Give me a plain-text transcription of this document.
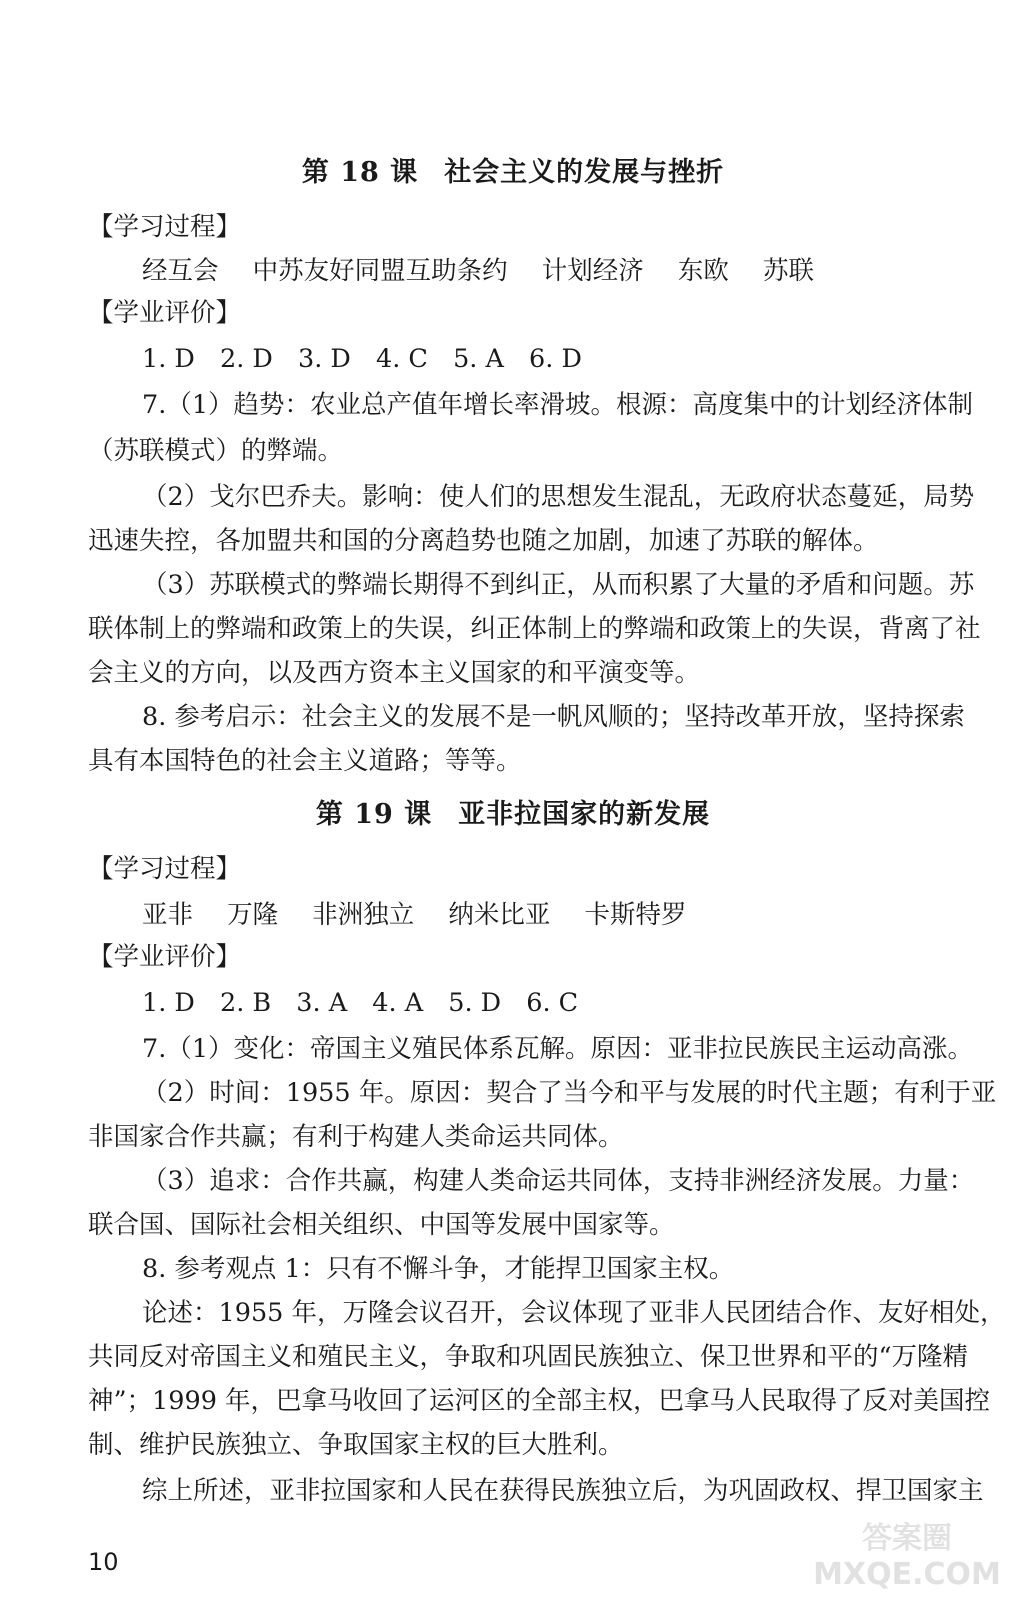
第 18 课 社会主义的发展与挫折
【学习过程】
经互会 中苏友好同盟互助条约 计划经济 东欧 苏联
【学业评价】
1. D 2. D 3. D 4. C 5. A 6. D
7.（1）趋势：农业总产值年增长率滑坡。根源：高度集中的计划经济体制
（苏联模式）的弊端。
（2）戈尔巴乔夫。影响：使人们的思想发生混乱，无政府状态蔓延，局势
迅速失控，各加盟共和国的分离趋势也随之加剧，加速了苏联的解体。
（3）苏联模式的弊端长期得不到纠正，从而积累了大量的矛盾和问题。苏
联体制上的弊端和政策上的失误，纠正体制上的弊端和政策上的失误，背离了社
会主义的方向，以及西方资本主义国家的和平演变等。
8. 参考启示：社会主义的发展不是一帆风顺的；坚持改革开放，坚持探索
具有本国特色的社会主义道路；等等。
第 19 课 亚非拉国家的新发展
【学习过程】
亚非 万隆 非洲独立 纳米比亚 卡斯特罗
【学业评价】
1. D 2. B 3. A 4. A 5. D 6. C
7.（1）变化：帝国主义殖民体系瓦解。原因：亚非拉民族民主运动高涨。
（2）时间：1955 年。原因：契合了当今和平与发展的时代主题；有利于亚
非国家合作共赢；有利于构建人类命运共同体。
（3）追求：合作共赢，构建人类命运共同体，支持非洲经济发展。力量：
联合国、国际社会相关组织、中国等发展中国家等。
8. 参考观点 1：只有不懈斗争，才能捍卫国家主权。
论述：1955 年，万隆会议召开，会议体现了亚非人民团结合作、友好相处，
共同反对帝国主义和殖民主义，争取和巩固民族独立、保卫世界和平的“万隆精
神”；1999 年，巴拿马收回了运河区的全部主权，巴拿马人民取得了反对美国控
制、维护民族独立、争取国家主权的巨大胜利。
综上所述，亚非拉国家和人民在获得民族独立后，为巩固政权、捍卫国家主
10
答案圈 MXQE.COM
